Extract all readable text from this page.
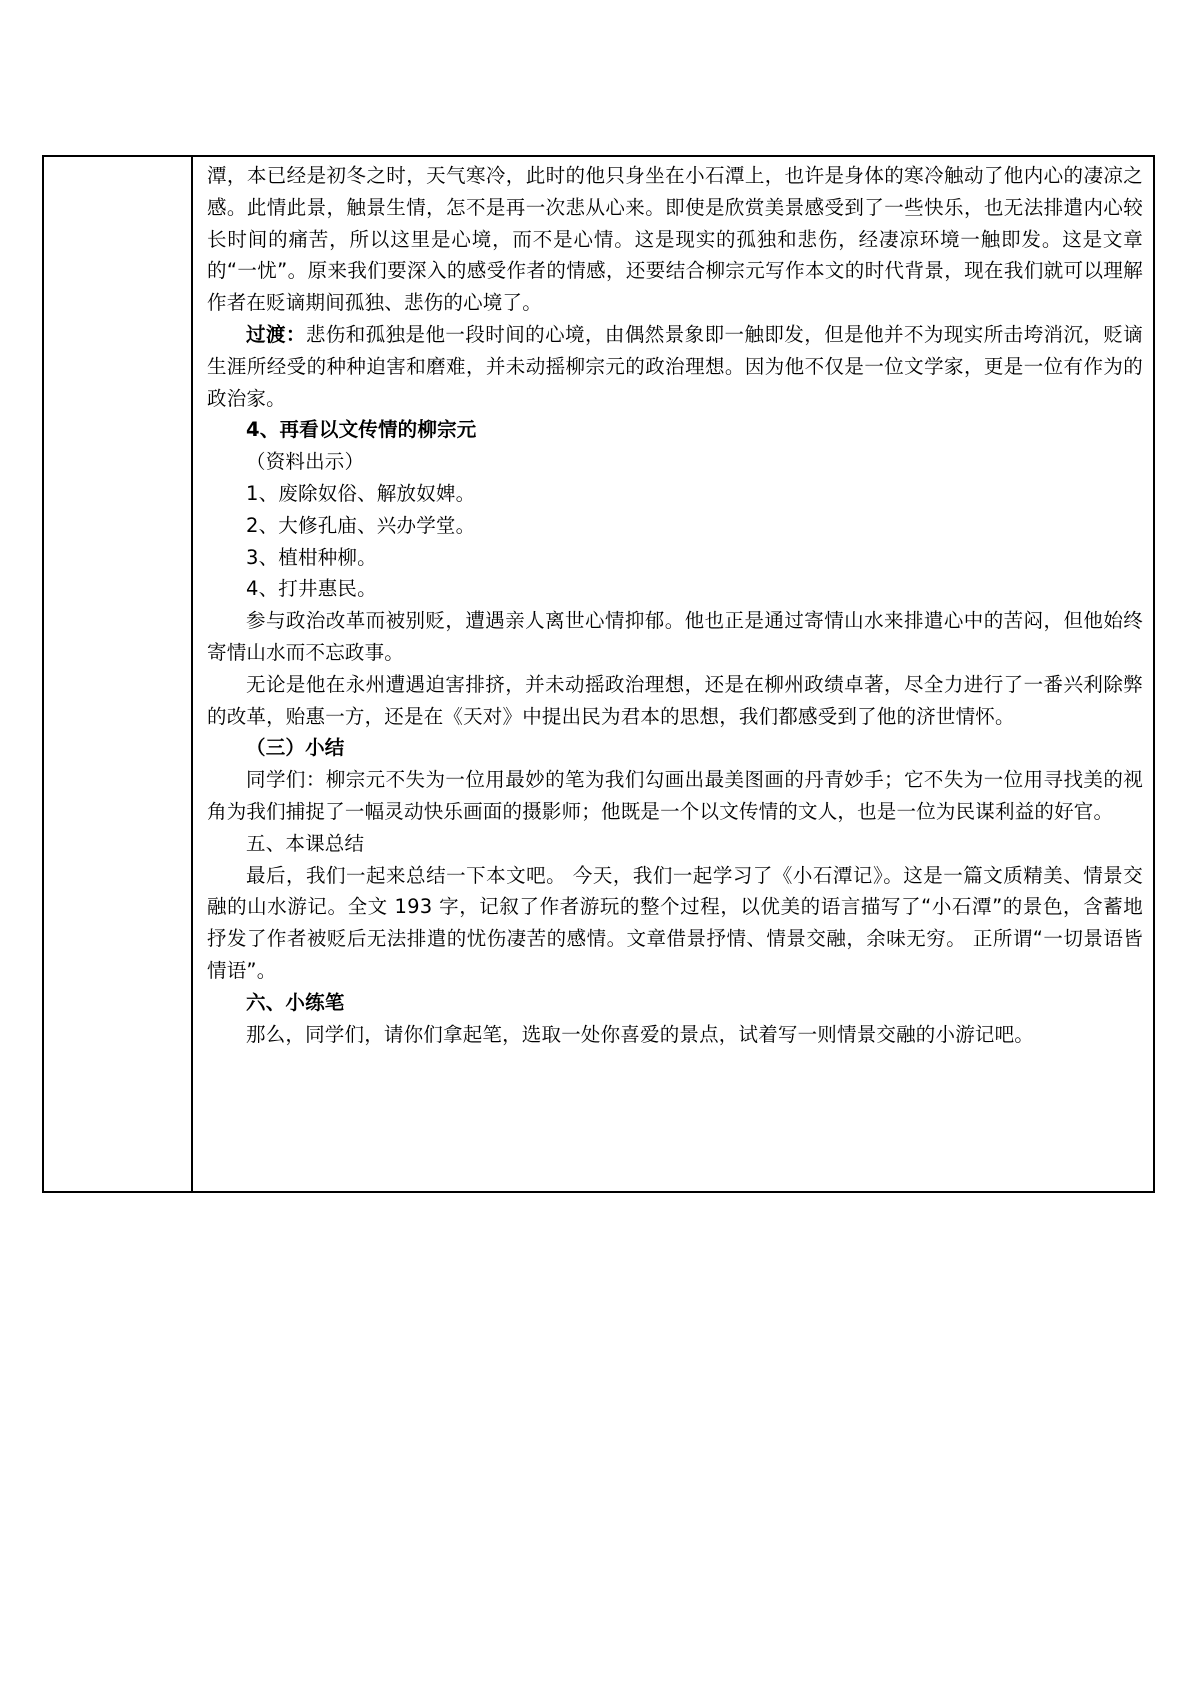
潭，本已经是初冬之时，天气寒冷，此时的他只身坐在小石潭上，也许是身体的寒冷触动了他内心的凄凉之感。此情此景，触景生情，怎不是再一次悲从心来。即使是欣赏美景感受到了一些快乐，也无法排遣内心较长时间的痛苦，所以这里是心境，而不是心情。这是现实的孤独和悲伤，经凄凉环境一触即发。这是文章的“一忧”。原来我们要深入的感受作者的情感，还要结合柳宗元写作本文的时代背景，现在我们就可以理解作者在贬谪期间孤独、悲伤的心境了。

过渡：悲伤和孤独是他一段时间的心境，由偶然景象即一触即发，但是他并不为现实所击垮消沉，贬谪生涯所经受的种种迫害和磨难，并未动摇柳宗元的政治理想。因为他不仅是一位文学家，更是一位有作为的政治家。

4、再看以文传情的柳宗元

（资料出示）

1、废除奴俗、解放奴婢。

2、大修孔庙、兴办学堂。

3、植柑种柳。

4、打井惠民。

参与政治改革而被别贬，遭遇亲人离世心情抑郁。他也正是通过寄情山水来排遣心中的苦闷，但他始终寄情山水而不忘政事。

无论是他在永州遭遇迫害排挤，并未动摇政治理想，还是在柳州政绩卓著，尽全力进行了一番兴利除弊的改革，贻惠一方，还是在《天对》中提出民为君本的思想，我们都感受到了他的济世情怀。

（三）小结

同学们：柳宗元不失为一位用最妙的笔为我们勾画出最美图画的丹青妙手；它不失为一位用寻找美的视角为我们捕捉了一幅灵动快乐画面的摄影师；他既是一个以文传情的文人，也是一位为民谋利益的好官。

五、本课总结

最后，我们一起来总结一下本文吧。 今天，我们一起学习了《小石潭记》。这是一篇文质精美、情景交融的山水游记。全文 193 字，记叙了作者游玩的整个过程，以优美的语言描写了“小石潭”的景色，含蓄地抒发了作者被贬后无法排遣的忧伤凄苦的感情。文章借景抒情、情景交融，余味无穷。 正所谓“一切景语皆情语”。

六、小练笔

那么，同学们，请你们拿起笔，选取一处你喜爱的景点，试着写一则情景交融的小游记吧。
